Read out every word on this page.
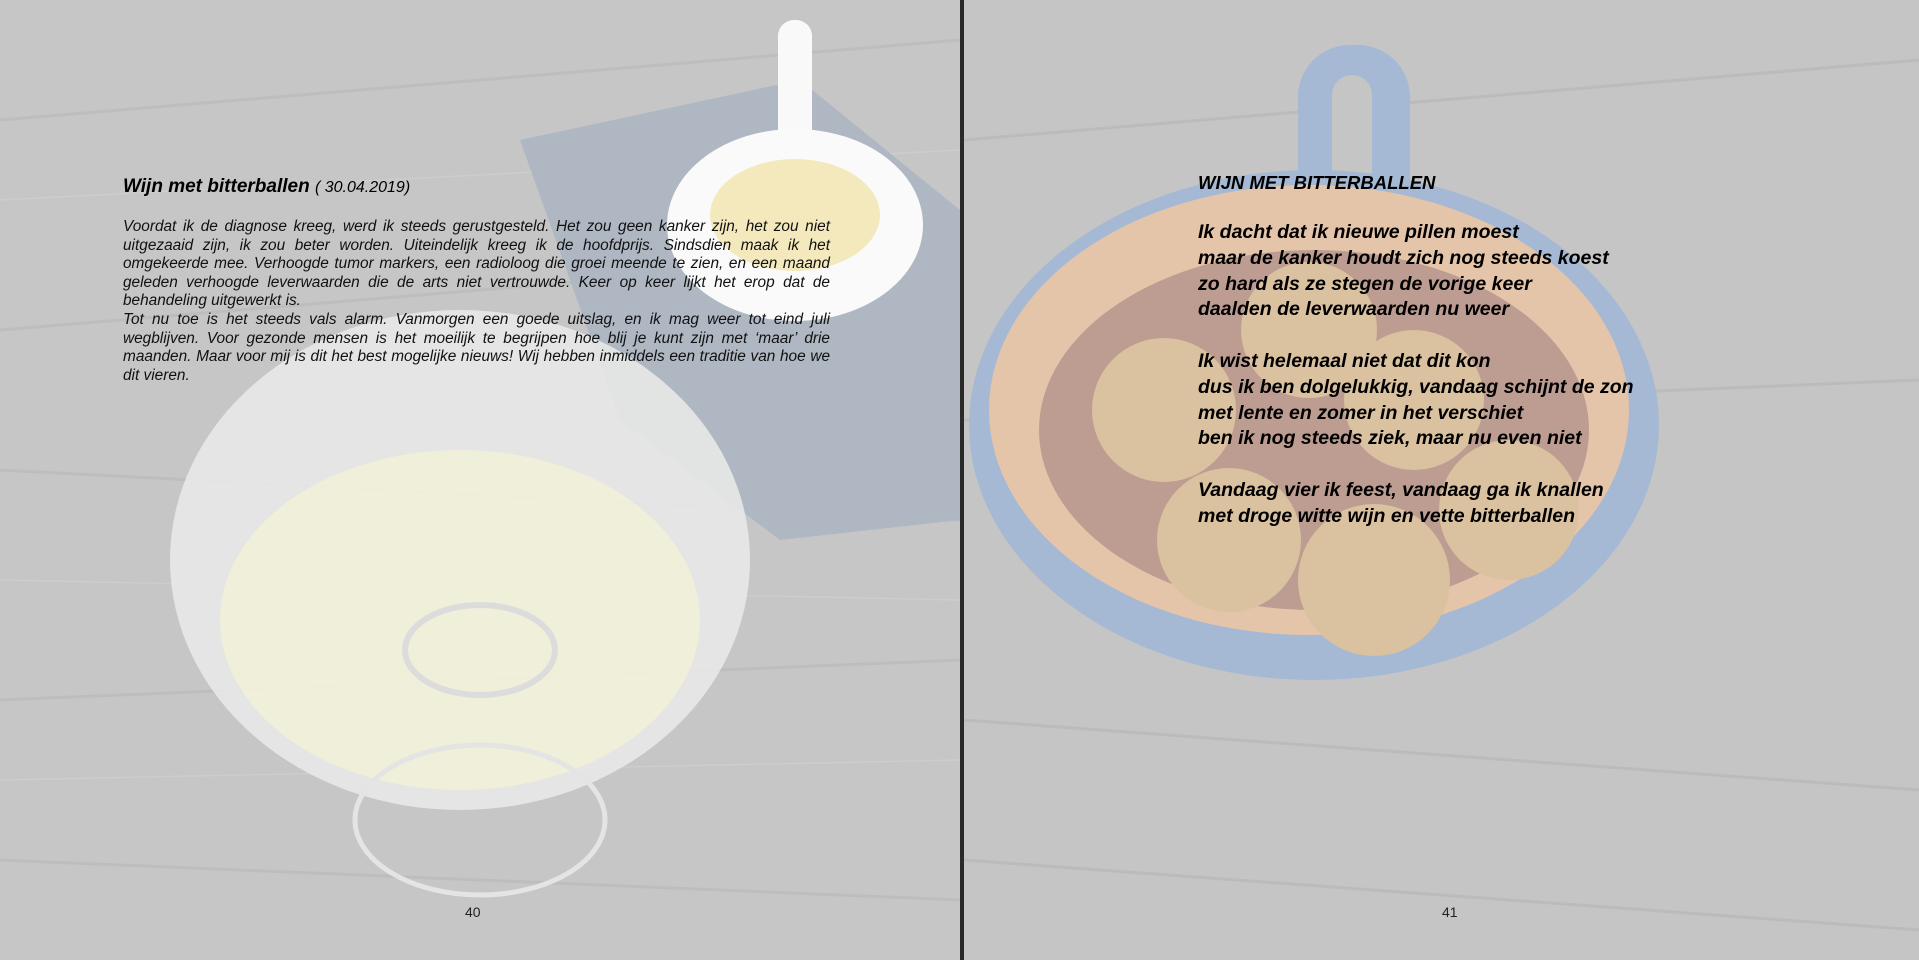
Wijn met bitterballen ( 30.04.2019)

Voordat ik de diagnose kreeg, werd ik steeds gerustgesteld. Het zou geen kanker zijn, het zou niet uitgezaaid zijn, ik zou beter worden. Uiteindelijk kreeg ik de hoofdprijs. Sindsdien maak ik het omgekeerde mee. Verhoogde tumor markers, een radioloog die groei meende te zien, en een maand geleden verhoogde leverwaarden die de arts niet vertrouwde. Keer op keer lijkt het erop dat de behandeling uitgewerkt is.

Tot nu toe is het steeds vals alarm. Vanmorgen een goede uitslag, en ik mag weer tot eind juli wegblijven. Voor gezonde mensen is het moeilijk te begrijpen hoe blij je kunt zijn met ‘maar’ drie maanden. Maar voor mij is dit het best mogelijke nieuws! Wij hebben inmiddels een traditie van hoe we dit vieren.

40
WIJN MET BITTERBALLEN
Ik dacht dat ik nieuwe pillen moest
maar de kanker houdt zich nog steeds koest
zo hard als ze stegen de vorige keer
daalden de leverwaarden nu weer
Ik wist helemaal niet dat dit kon
dus ik ben dolgelukkig, vandaag schijnt de zon
met lente en zomer in het verschiet
ben ik nog steeds ziek, maar nu even niet
Vandaag vier ik feest, vandaag ga ik knallen
met droge witte wijn en vette bitterballen
41
